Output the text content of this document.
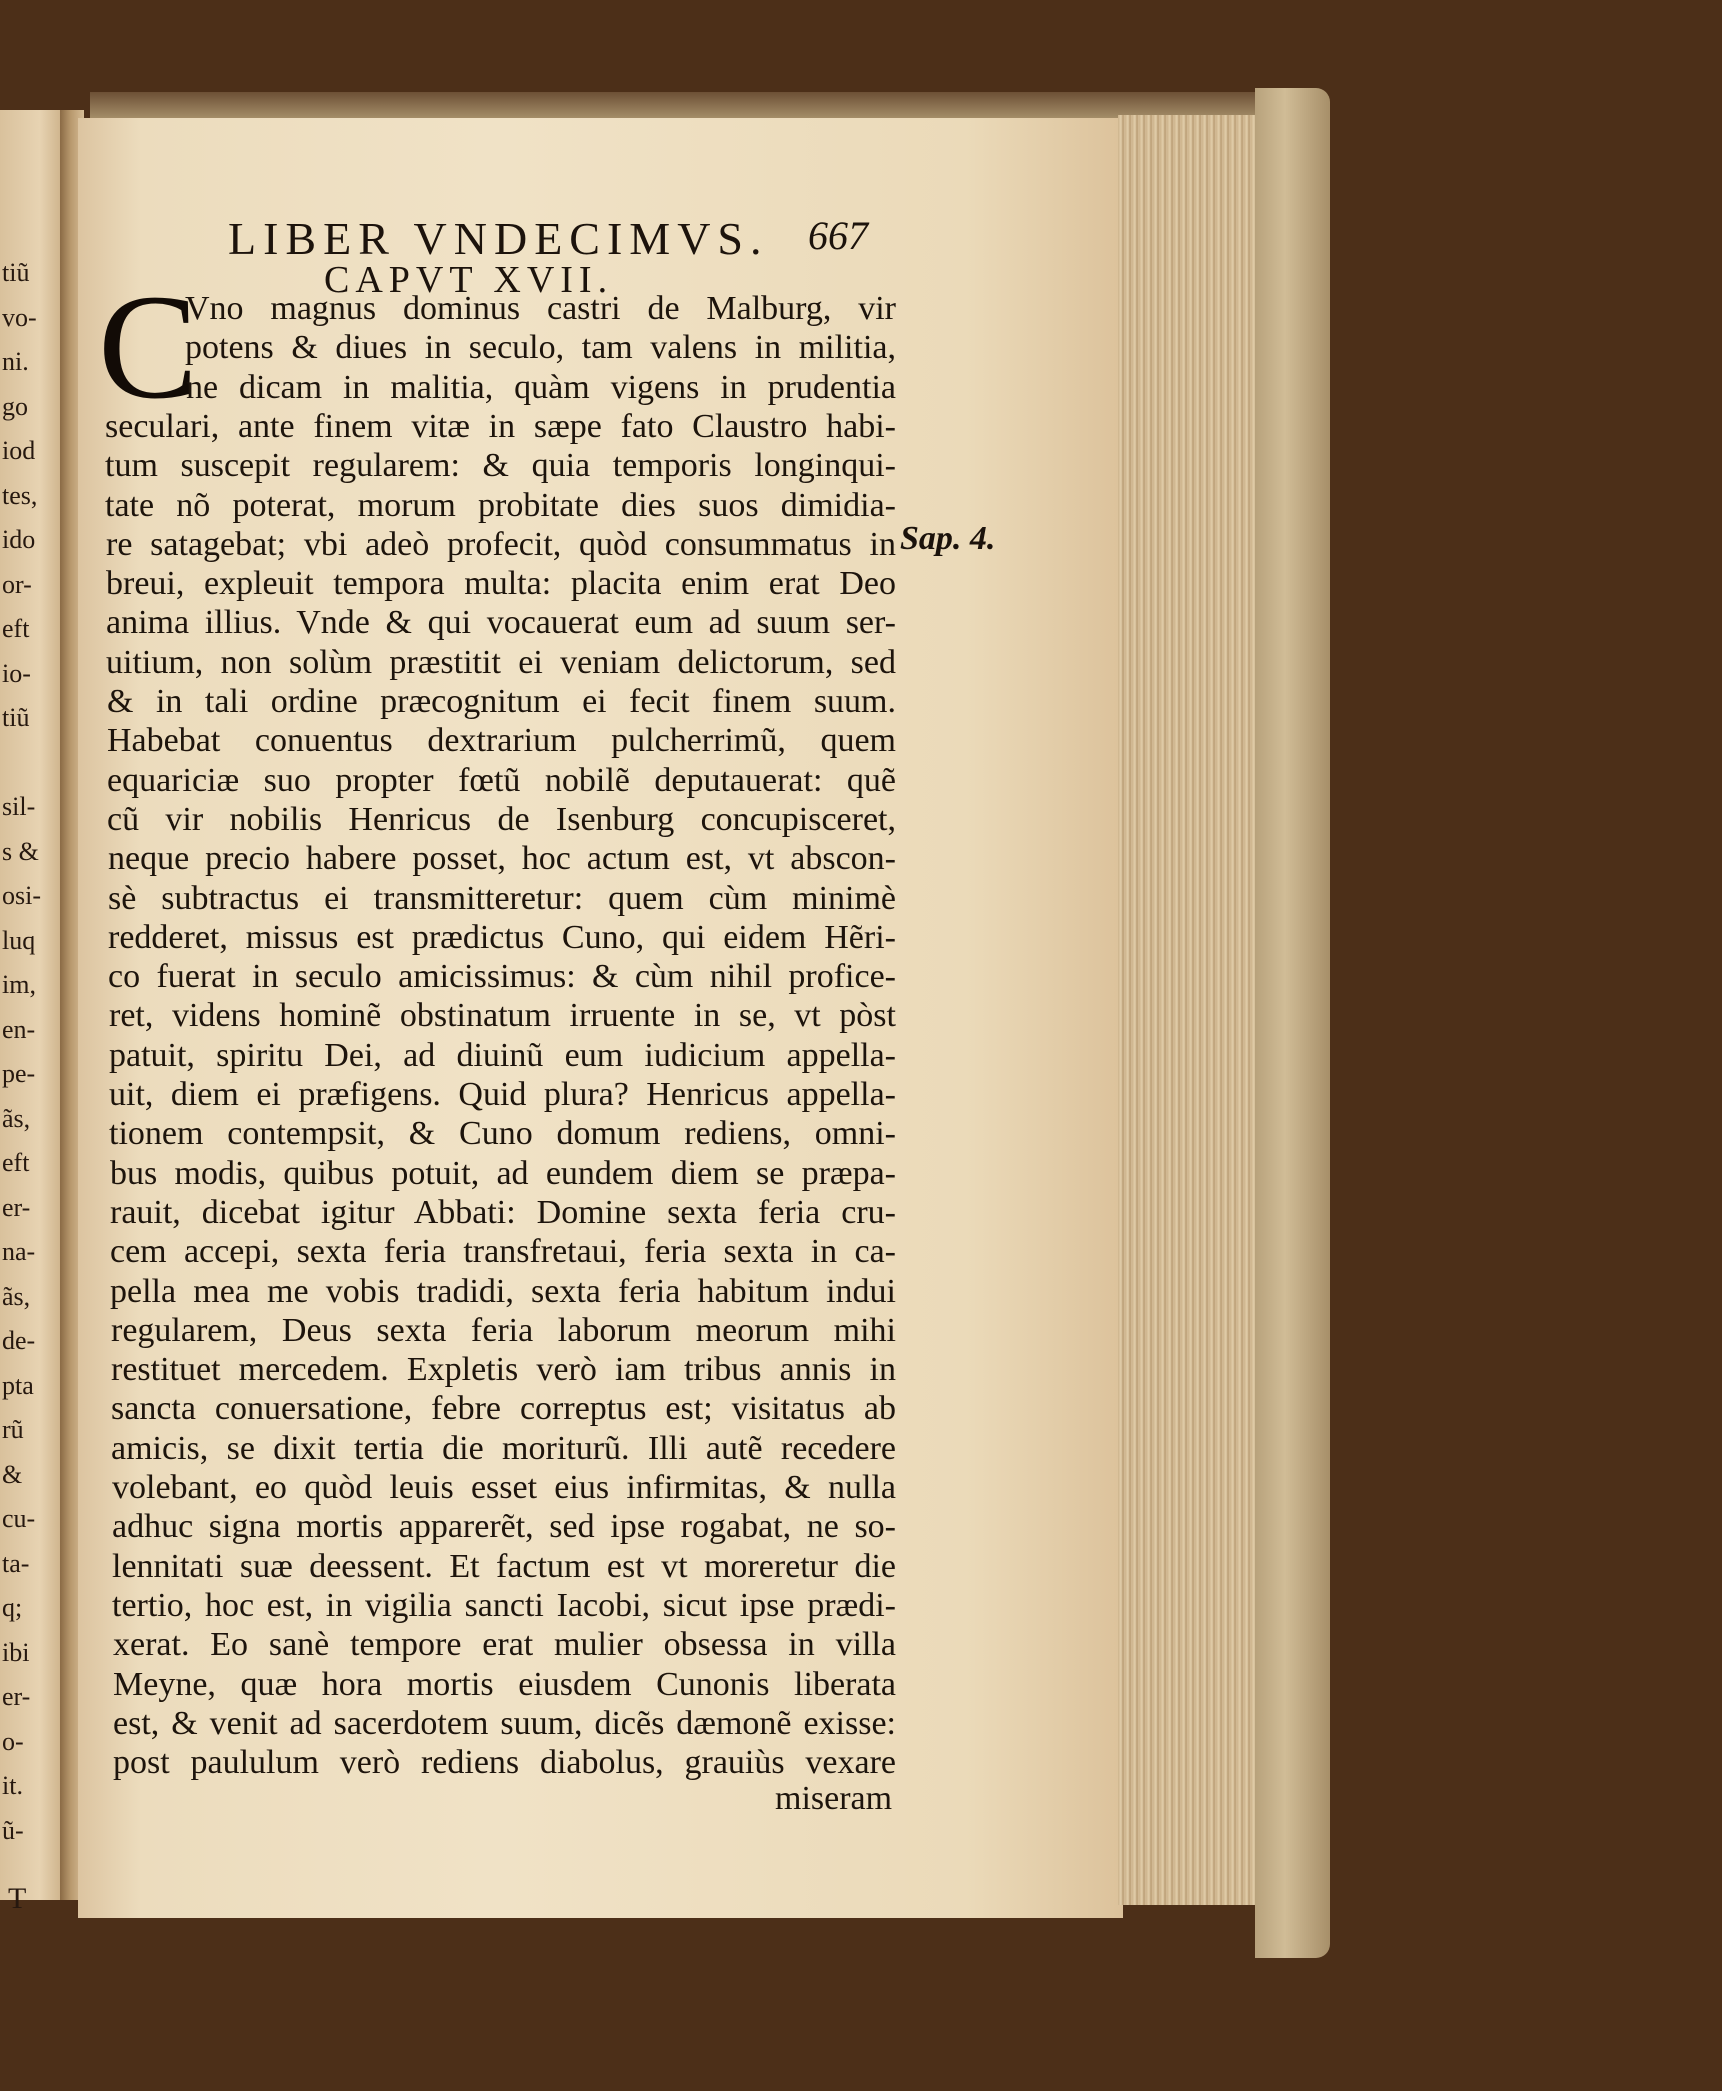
tiũ
vo-
ni.
go
iod
tes,
ido
or-
eft
io-
tiũ
sil-
s &
osi-
luq
im,
en-
pe-
ãs,
eft
er-
na-
ãs,
de-
pta
rũ
&
cu-
ta-
q;
ibi
er-
o-
it.
ũ-
T
LIBER VNDECIMVS. 667
CAPVT XVII.
C
Vno magnus dominus castri de Malburg, vir
potens & diues in seculo, tam valens in militia,
ne dicam in malitia, quàm vigens in prudentia
seculari, ante finem vitæ in sæpe fato Claustro habi-
tum suscepit regularem: & quia temporis longinqui-
tate nõ poterat, morum probitate dies suos dimidia-
re satagebat; vbi adeò profecit, quòd consummatus in
breui, expleuit tempora multa: placita enim erat Deo
anima illius. Vnde & qui vocauerat eum ad suum ser-
uitium, non solùm præstitit ei veniam delictorum, sed
& in tali ordine præcognitum ei fecit finem suum.
Habebat conuentus dextrarium pulcherrimũ, quem
equariciæ suo propter fœtũ nobilẽ deputauerat: quẽ
cũ vir nobilis Henricus de Isenburg concupisceret,
neque precio habere posset, hoc actum est, vt abscon-
sè subtractus ei transmitteretur: quem cùm minimè
redderet, missus est prædictus Cuno, qui eidem Hẽri-
co fuerat in seculo amicissimus: & cùm nihil profice-
ret, videns hominẽ obstinatum irruente in se, vt pòst
patuit, spiritu Dei, ad diuinũ eum iudicium appella-
uit, diem ei præfigens. Quid plura? Henricus appella-
tionem contempsit, & Cuno domum rediens, omni-
bus modis, quibus potuit, ad eundem diem se præpa-
rauit, dicebat igitur Abbati: Domine sexta feria cru-
cem accepi, sexta feria transfretaui, feria sexta in ca-
pella mea me vobis tradidi, sexta feria habitum indui
regularem, Deus sexta feria laborum meorum mihi
restituet mercedem. Expletis verò iam tribus annis in
sancta conuersatione, febre correptus est; visitatus ab
amicis, se dixit tertia die moriturũ. Illi autẽ recedere
volebant, eo quòd leuis esset eius infirmitas, & nulla
adhuc signa mortis apparerẽt, sed ipse rogabat, ne so-
lennitati suæ deessent. Et factum est vt moreretur die
tertio, hoc est, in vigilia sancti Iacobi, sicut ipse prædi-
xerat. Eo sanè tempore erat mulier obsessa in villa
Meyne, quæ hora mortis eiusdem Cunonis liberata
est, & venit ad sacerdotem suum, dicẽs dæmonẽ exisse:
post paululum verò rediens diabolus, grauiùs vexare
Sap. 4.
miseram
